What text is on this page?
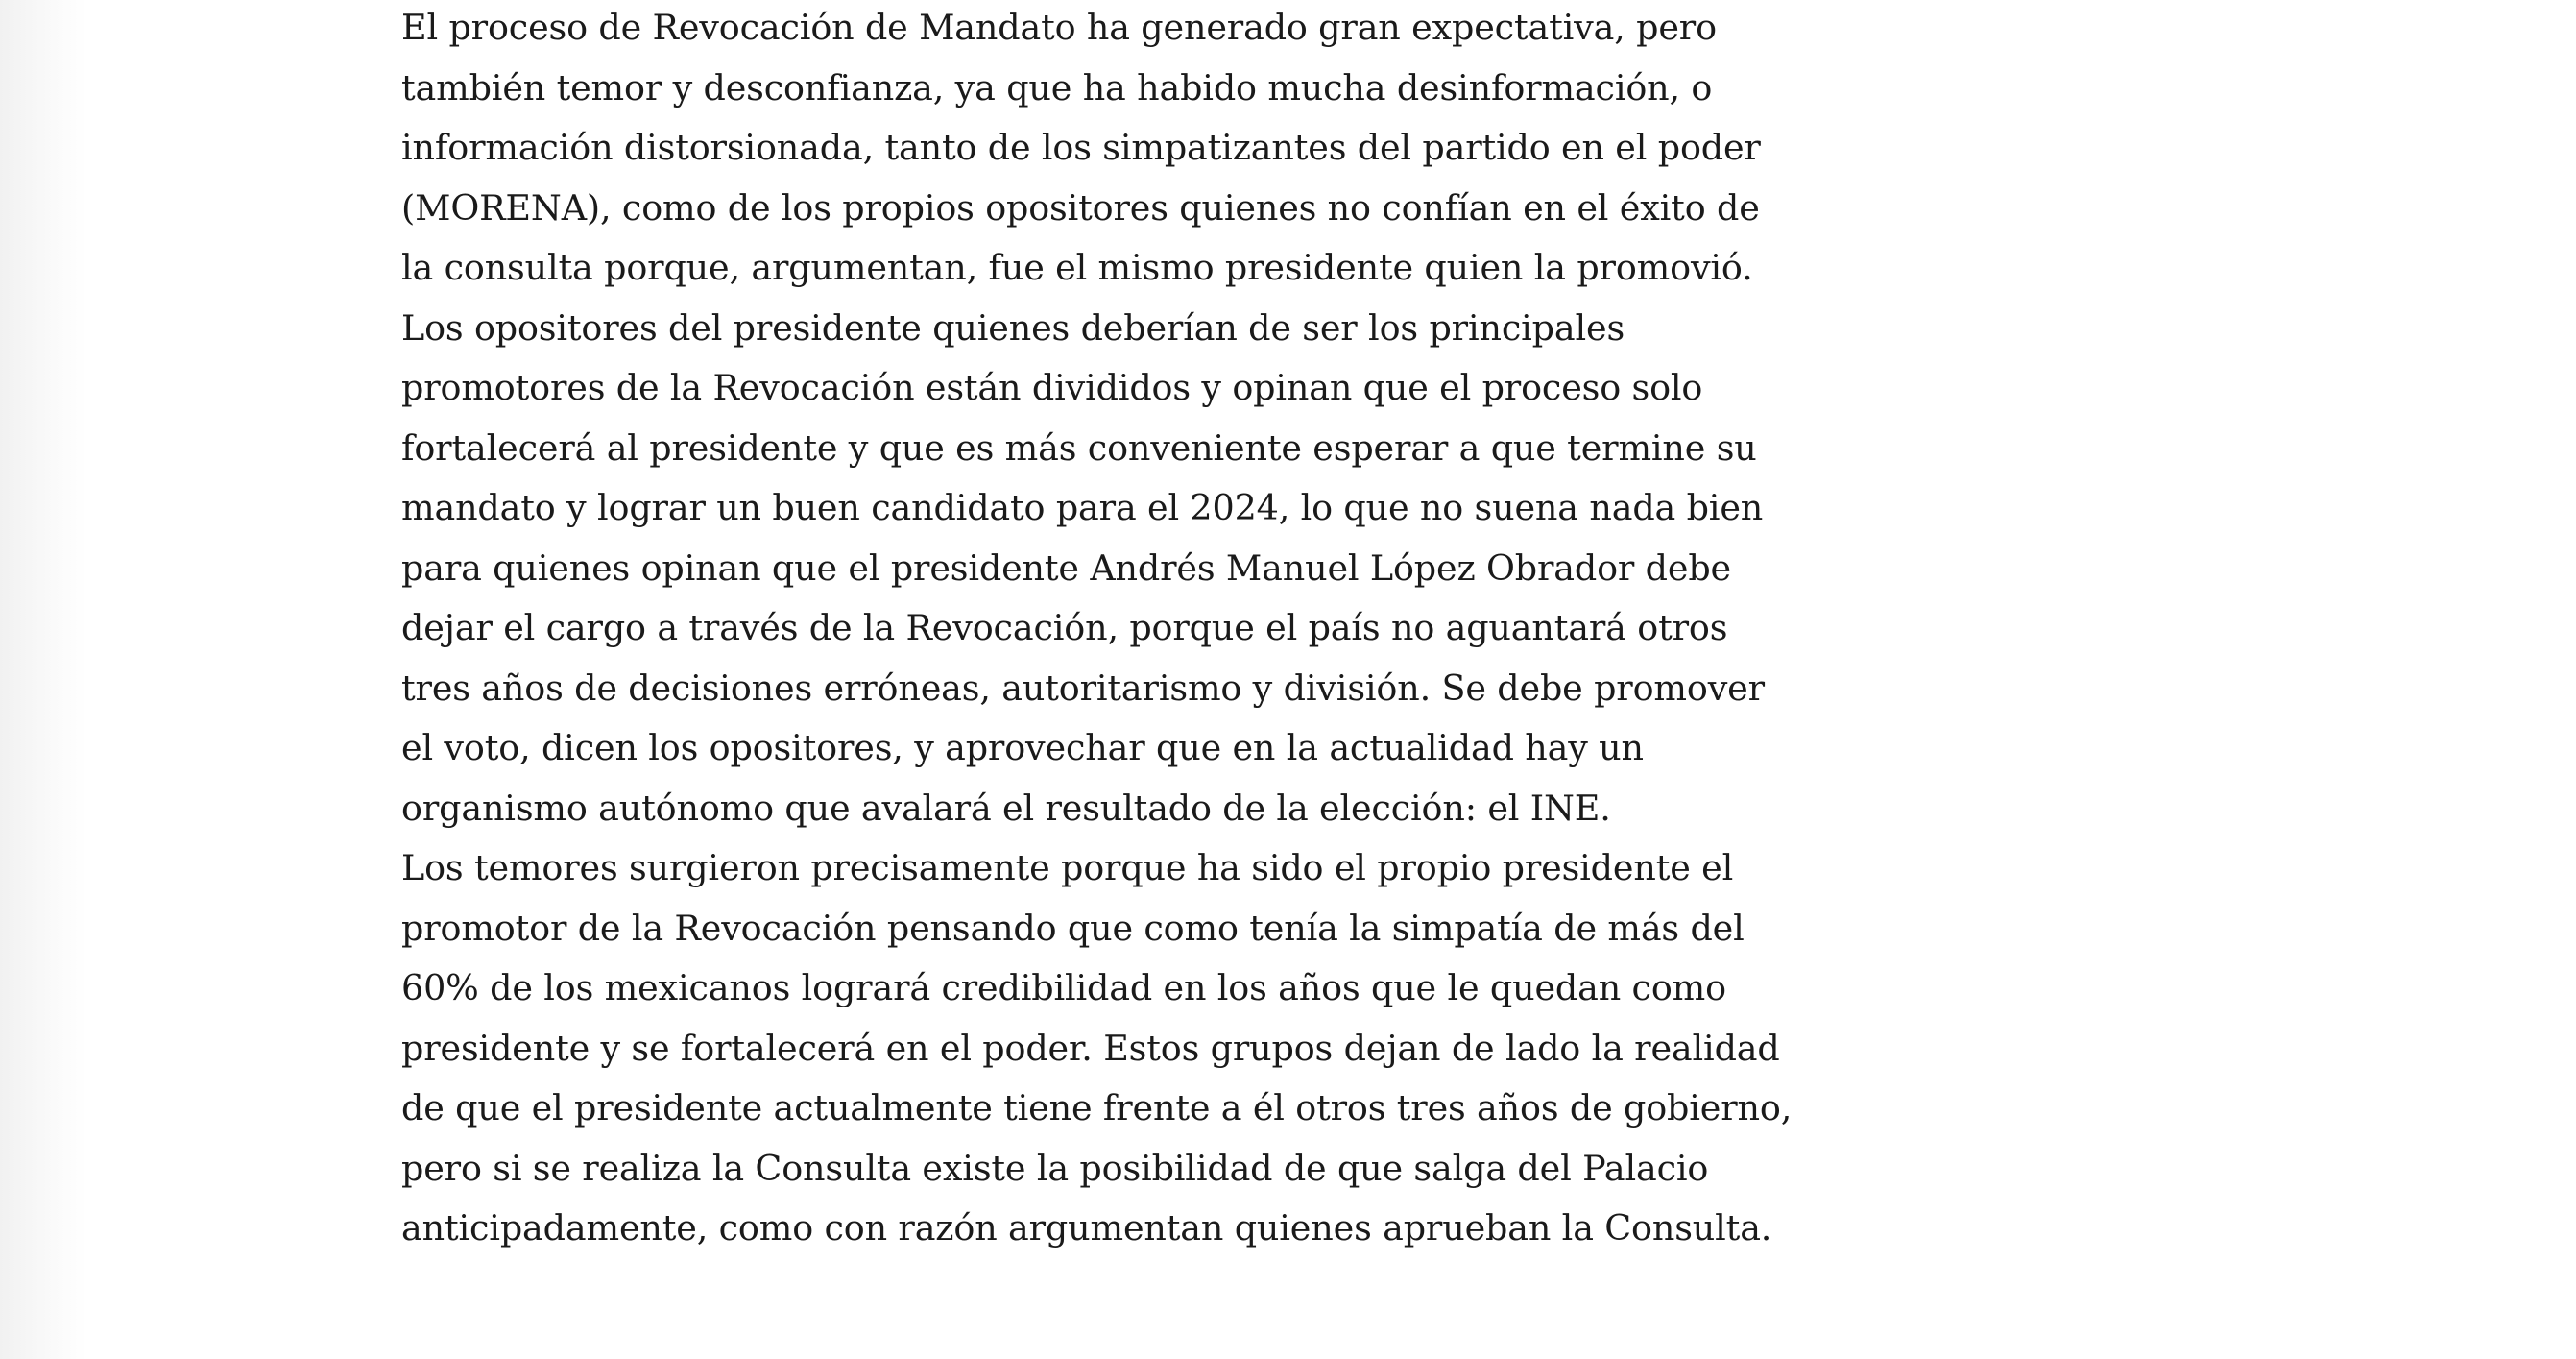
El proceso de Revocación de Mandato ha generado gran expectativa, pero
también temor y desconfianza, ya que ha habido mucha desinformación, o
información distorsionada, tanto de los simpatizantes del partido en el poder
(MORENA), como de los propios opositores quienes no confían en el éxito de
la consulta porque, argumentan, fue el mismo presidente quien la promovió.

Los opositores del presidente quienes deberían de ser los principales
promotores de la Revocación están divididos y opinan que el proceso solo
fortalecerá al presidente y que es más conveniente esperar a que termine su
mandato y lograr un buen candidato para el 2024, lo que no suena nada bien
para quienes opinan que el presidente Andrés Manuel López Obrador debe
dejar el cargo a través de la Revocación, porque el país no aguantará otros
tres años de decisiones erróneas, autoritarismo y división. Se debe promover
el voto, dicen los opositores, y aprovechar que en la actualidad hay un
organismo autónomo que avalará el resultado de la elección: el INE.

Los temores surgieron precisamente porque ha sido el propio presidente el
promotor de la Revocación pensando que como tenía la simpatía de más del
60% de los mexicanos logrará credibilidad en los años que le quedan como
presidente y se fortalecerá en el poder. Estos grupos dejan de lado la realidad
de que el presidente actualmente tiene frente a él otros tres años de gobierno,
pero si se realiza la Consulta existe la posibilidad de que salga del Palacio
anticipadamente, como con razón argumentan quienes aprueban la Consulta.
